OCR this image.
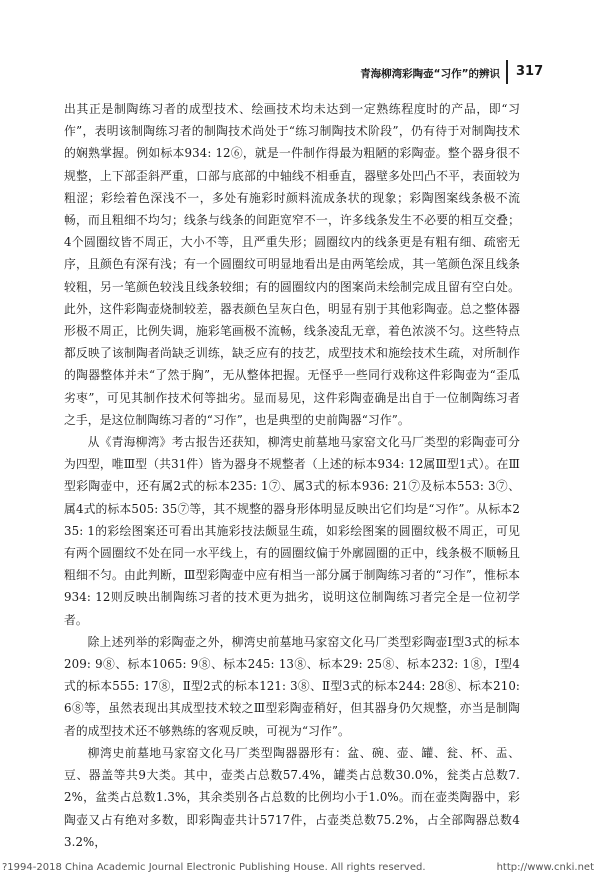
青海柳湾彩陶壶“习作”的辨识 317

出其正是制陶练习者的成型技术、绘画技术均未达到一定熟练程度时的产品，即“习作”，表明该制陶练习者的制陶技术尚处于“练习制陶技术阶段”，仍有待于对制陶技术的娴熟掌握。例如标本934: 12⑥，就是一件制作得最为粗陋的彩陶壶。整个器身很不规整，上下部歪斜严重，口部与底部的中轴线不相垂直，器壁多处凹凸不平，表面较为粗涩；彩绘着色深浅不一，多处有施彩时颜料流成条状的现象；彩陶图案线条极不流畅，而且粗细不均匀；线条与线条的间距宽窄不一，许多线条发生不必要的相互交叠；4个圆圈纹皆不周正，大小不等，且严重失形；圆圈纹内的线条更是有粗有细、疏密无序，且颜色有深有浅；有一个圆圈纹可明显地看出是由两笔绘成，其一笔颜色深且线条较粗，另一笔颜色较浅且线条较细；有的圆圈纹内的图案尚未绘制完成且留有空白处。此外，这件彩陶壶烧制较差，器表颜色呈灰白色，明显有别于其他彩陶壶。总之整体器形极不周正，比例失调，施彩笔画极不流畅，线条凌乱无章，着色浓淡不匀。这些特点都反映了该制陶者尚缺乏训练，缺乏应有的技艺，成型技术和施绘技术生疏，对所制作的陶器整体并未“了然于胸”，无从整体把握。无怪乎一些同行戏称这件彩陶壶为“歪瓜劣枣”，可见其制作技术何等拙劣。显而易见，这件彩陶壶确是出自于一位制陶练习者之手，是这位制陶练习者的“习作”，也是典型的史前陶器“习作”。

从《青海柳湾》考古报告还获知，柳湾史前墓地马家窑文化马厂类型的彩陶壶可分为四型，唯Ⅲ型（共31件）皆为器身不规整者（上述的标本934: 12属Ⅲ型1式）。在Ⅲ型彩陶壶中，还有属2式的标本235: 1⑦、属3式的标本936: 21⑦及标本553: 3⑦、属4式的标本505: 35⑦等，其不规整的器身形体明显反映出它们均是“习作”。从标本235: 1的彩绘图案还可看出其施彩技法颇显生疏，如彩绘图案的圆圈纹极不周正，可见有两个圆圈纹不处在同一水平线上，有的圆圈纹偏于外廓圆圈的正中，线条极不顺畅且粗细不匀。由此判断，Ⅲ型彩陶壶中应有相当一部分属于制陶练习者的“习作”，惟标本934: 12则反映出制陶练习者的技术更为拙劣，说明这位制陶练习者完全是一位初学者。

除上述列举的彩陶壶之外，柳湾史前墓地马家窑文化马厂类型彩陶壶Ⅰ型3式的标本209: 9⑧、标本1065: 9⑧、标本245: 13⑧、标本29: 25⑧、标本232: 1⑧，Ⅰ型4式的标本555: 17⑧，Ⅱ型2式的标本121: 3⑧、Ⅱ型3式的标本244: 28⑧、标本210: 6⑧等，虽然表现出其成型技术较之Ⅲ型彩陶壶稍好，但其器身仍欠规整，亦当是制陶者的成型技术还不够熟练的客观反映，可视为“习作”。

柳湾史前墓地马家窑文化马厂类型陶器器形有：盆、碗、壶、罐、瓮、杯、盂、豆、器盖等共9大类。其中，壶类占总数57.4%，罐类占总数30.0%，瓮类占总数7.2%，盆类占总数1.3%，其余类别各占总数的比例均小于1.0%。而在壶类陶器中，彩陶壶又占有绝对多数，即彩陶壶共计5717件，占壶类总数75.2%，占全部陶器总数43.2%，

?1994-2018 China Academic Journal Electronic Publishing House. All rights reserved.	http://www.cnki.net
